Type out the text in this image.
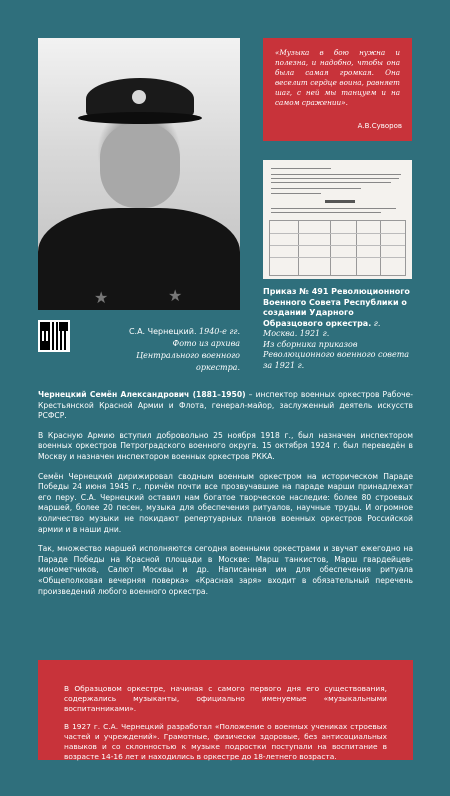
★	★
С.А. Чернецкий. 1940-е гг.
Фото из архива Центрального военного оркестра.
«Музыка в бою нужна и полезна, и надобно, чтобы она была самая громкая. Она веселит сердце воина, равняет шаг, с ней мы танцуем и на самом сражении».
А.В.Суворов
Приказ № 491 Революционного Военного Совета Республики о создании Ударного Образцового оркестра. г. Москва. 1921 г.
Из сборника приказов Революционного военного совета за 1921 г.

Чернецкий Семён Александрович (1881–1950) – инспектор военных оркестров Рабоче-Крестьянской Красной Армии и Флота, генерал-майор, заслуженный деятель искусств РСФСР.

В Красную Армию вступил добровольно 25 ноября 1918 г., был назначен инспектором военных оркестров Петроградского военного округа. 15 октября 1924 г. был переведён в Москву и назначен инспектором военных оркестров РККА.

Семён Чернецкий дирижировал сводным военным оркестром на историческом Параде Победы 24 июня 1945 г., причём почти все прозвучавшие на параде марши принадлежат его перу. С.А. Чернецкий оставил нам богатое творческое наследие: более 80 строевых маршей, более 20 песен, музыка для обеспечения ритуалов, научные труды. И огромное количество музыки не покидают репертуарных планов военных оркестров Российской армии и в наши дни.

Так, множество маршей исполняются сегодня военными оркестрами и звучат ежегодно на Параде Победы на Красной площади в Москве: Марш танкистов, Марш гвардейцев-минометчиков, Салют Москвы и др. Написанная им для обеспечения ритуала «Общеполковая вечерняя поверка» «Красная заря» входит в обязательный перечень произведений любого военного оркестра.

В Образцовом оркестре, начиная с самого первого дня его существования, содержались музыканты, официально именуемые «музыкальными воспитанниками».

В 1927 г. С.А. Чернецкий разработал «Положение о военных учениках строевых частей и учреждений». Грамотные, физически здоровые, без антисоциальных навыков и со склонностью к музыке подростки поступали на воспитание в возрасте 14-16 лет и находились в оркестре до 18-летнего возраста.
